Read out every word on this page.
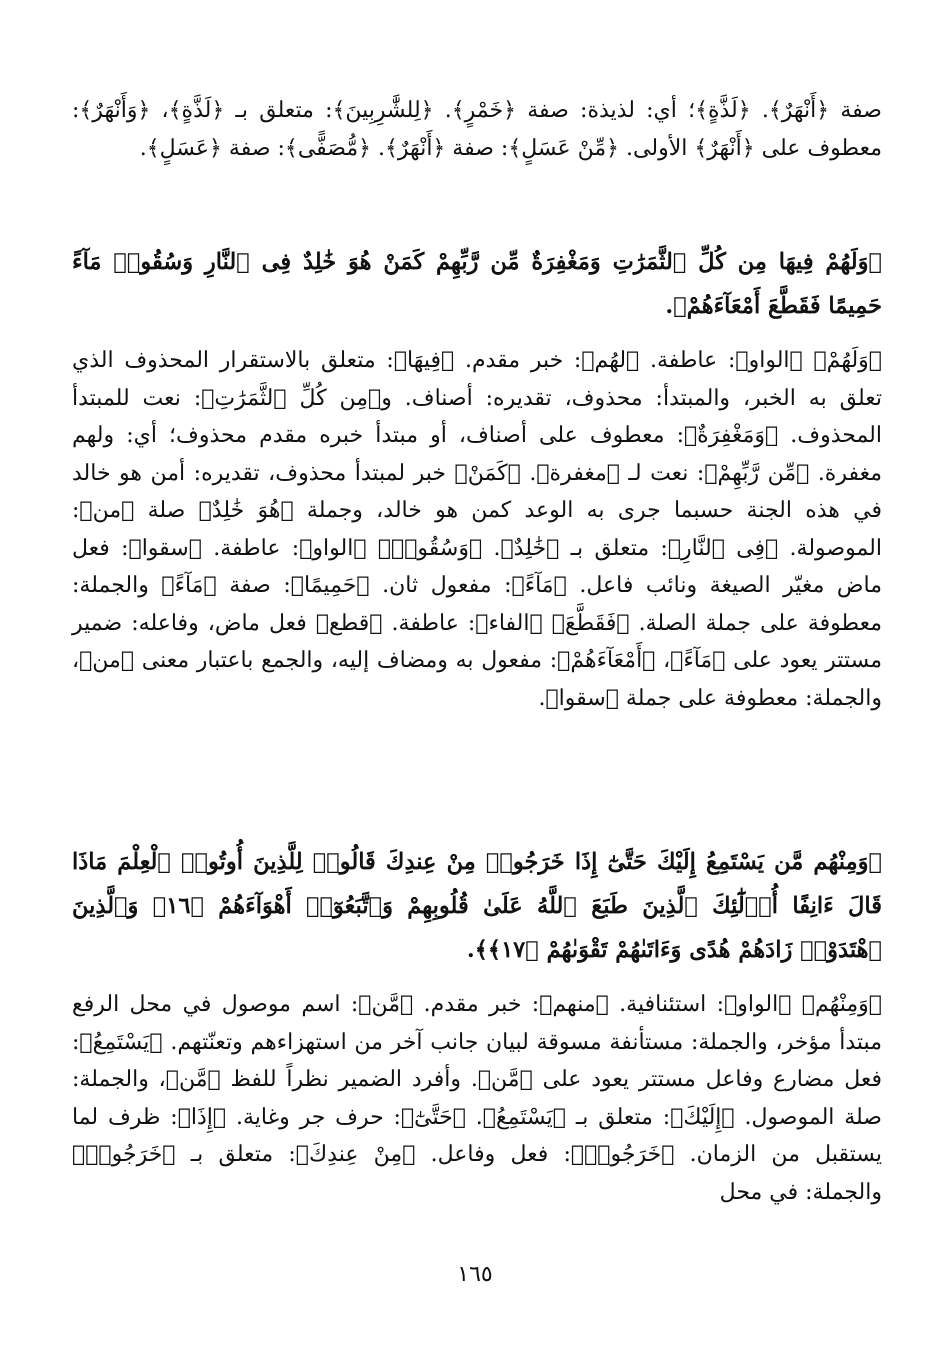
صفة ﴿أَنْهَرٌ﴾. ﴿لَذَّةٍ﴾؛ أي: لذيذة: صفة ﴿خَمْرٍ﴾. ﴿لِلشَّٰرِبِينَ﴾: متعلق بـ ﴿لَذَّةٍ﴾، ﴿وَأَنْهَرٌ﴾: معطوف على ﴿أَنْهَرٌ﴾ الأولى. ﴿مِّنْ عَسَلٍ﴾: صفة ﴿أَنْهَرٌ﴾. ﴿مُّصَفًّى﴾: صفة ﴿عَسَلٍ﴾.

﴿وَلَهُمْ فِيهَا مِن كُلِّ ٱلثَّمَرَٰتِ وَمَغْفِرَةٌ مِّن رَّبِّهِمْ كَمَنْ هُوَ خَٰلِدٌ فِى ٱلنَّارِ وَسُقُوا۟ مَآءً حَمِيمًا فَقَطَّعَ أَمْعَآءَهُمْ﴾.

﴿وَلَهُمْ﴾ ﴿الواو﴾: عاطفة. ﴿لهُم﴾: خبر مقدم. ﴿فِيهَا﴾: متعلق بالاستقرار المحذوف الذي تعلق به الخبر، والمبتدأ: محذوف، تقديره: أصناف. و﴿مِن كُلِّ ٱلثَّمَرَٰتِ﴾: نعت للمبتدأ المحذوف. ﴿وَمَغْفِرَةٌ﴾: معطوف على أصناف، أو مبتدأ خبره مقدم محذوف؛ أي: ولهم مغفرة. ﴿مِّن رَّبِّهِمْ﴾: نعت لـ ﴿مغفرة﴾. ﴿كَمَنْ﴾ خبر لمبتدأ محذوف، تقديره: أمن هو خالد في هذه الجنة حسبما جرى به الوعد كمن هو خالد، وجملة ﴿هُوَ خَٰلِدٌ﴾ صلة ﴿من﴾: الموصولة. ﴿فِى ٱلنَّارِ﴾: متعلق بـ ﴿خَٰلِدٌ﴾. ﴿وَسُقُوا۟﴾ ﴿الواو﴾: عاطفة. ﴿سقوا﴾: فعل ماض مغيّر الصيغة ونائب فاعل. ﴿مَآءً﴾: مفعول ثان. ﴿حَمِيمًا﴾: صفة ﴿مَآءً﴾ والجملة: معطوفة على جملة الصلة. ﴿فَقَطَّعَ﴾ ﴿الفاء﴾: عاطفة. ﴿قطع﴾ فعل ماض، وفاعله: ضمير مستتر يعود على ﴿مَآءً﴾، ﴿أَمْعَآءَهُمْ﴾: مفعول به ومضاف إليه، والجمع باعتبار معنى ﴿من﴾، والجملة: معطوفة على جملة ﴿سقوا﴾.

﴿وَمِنْهُم مَّن يَسْتَمِعُ إِلَيْكَ حَتَّىٰٓ إِذَا خَرَجُوا۟ مِنْ عِندِكَ قَالُوا۟ لِلَّذِينَ أُوتُوا۟ ٱلْعِلْمَ مَاذَا قَالَ ءَانِفًا أُو۟لَٰٓئِكَ ٱلَّذِينَ طَبَعَ ٱللَّهُ عَلَىٰ قُلُوبِهِمْ وَٱتَّبَعُوٓا۟ أَهْوَآءَهُمْ ﴿١٦﴾ وَٱلَّذِينَ ٱهْتَدَوْا۟ زَادَهُمْ هُدًى وَءَاتَىٰهُمْ تَقْوَىٰهُمْ ﴿١٧﴾﴾.

﴿وَمِنْهُم﴾ ﴿الواو﴾: استئنافية. ﴿منهم﴾: خبر مقدم. ﴿مَّن﴾: اسم موصول في محل الرفع مبتدأ مؤخر، والجملة: مستأنفة مسوقة لبيان جانب آخر من استهزاءهم وتعنّتهم. ﴿يَسْتَمِعُ﴾: فعل مضارع وفاعل مستتر يعود على ﴿مَّن﴾. وأفرد الضمير نظراً للفظ ﴿مَّن﴾، والجملة: صلة الموصول. ﴿إِلَيْكَ﴾: متعلق بـ ﴿يَسْتَمِعُ﴾. ﴿حَتَّىٰٓ﴾: حرف جر وغاية. ﴿إِذَا﴾: ظرف لما يستقبل من الزمان. ﴿خَرَجُوا۟﴾: فعل وفاعل. ﴿مِنْ عِندِكَ﴾: متعلق بـ ﴿خَرَجُوا۟﴾ والجملة: في محل

١٦٥
